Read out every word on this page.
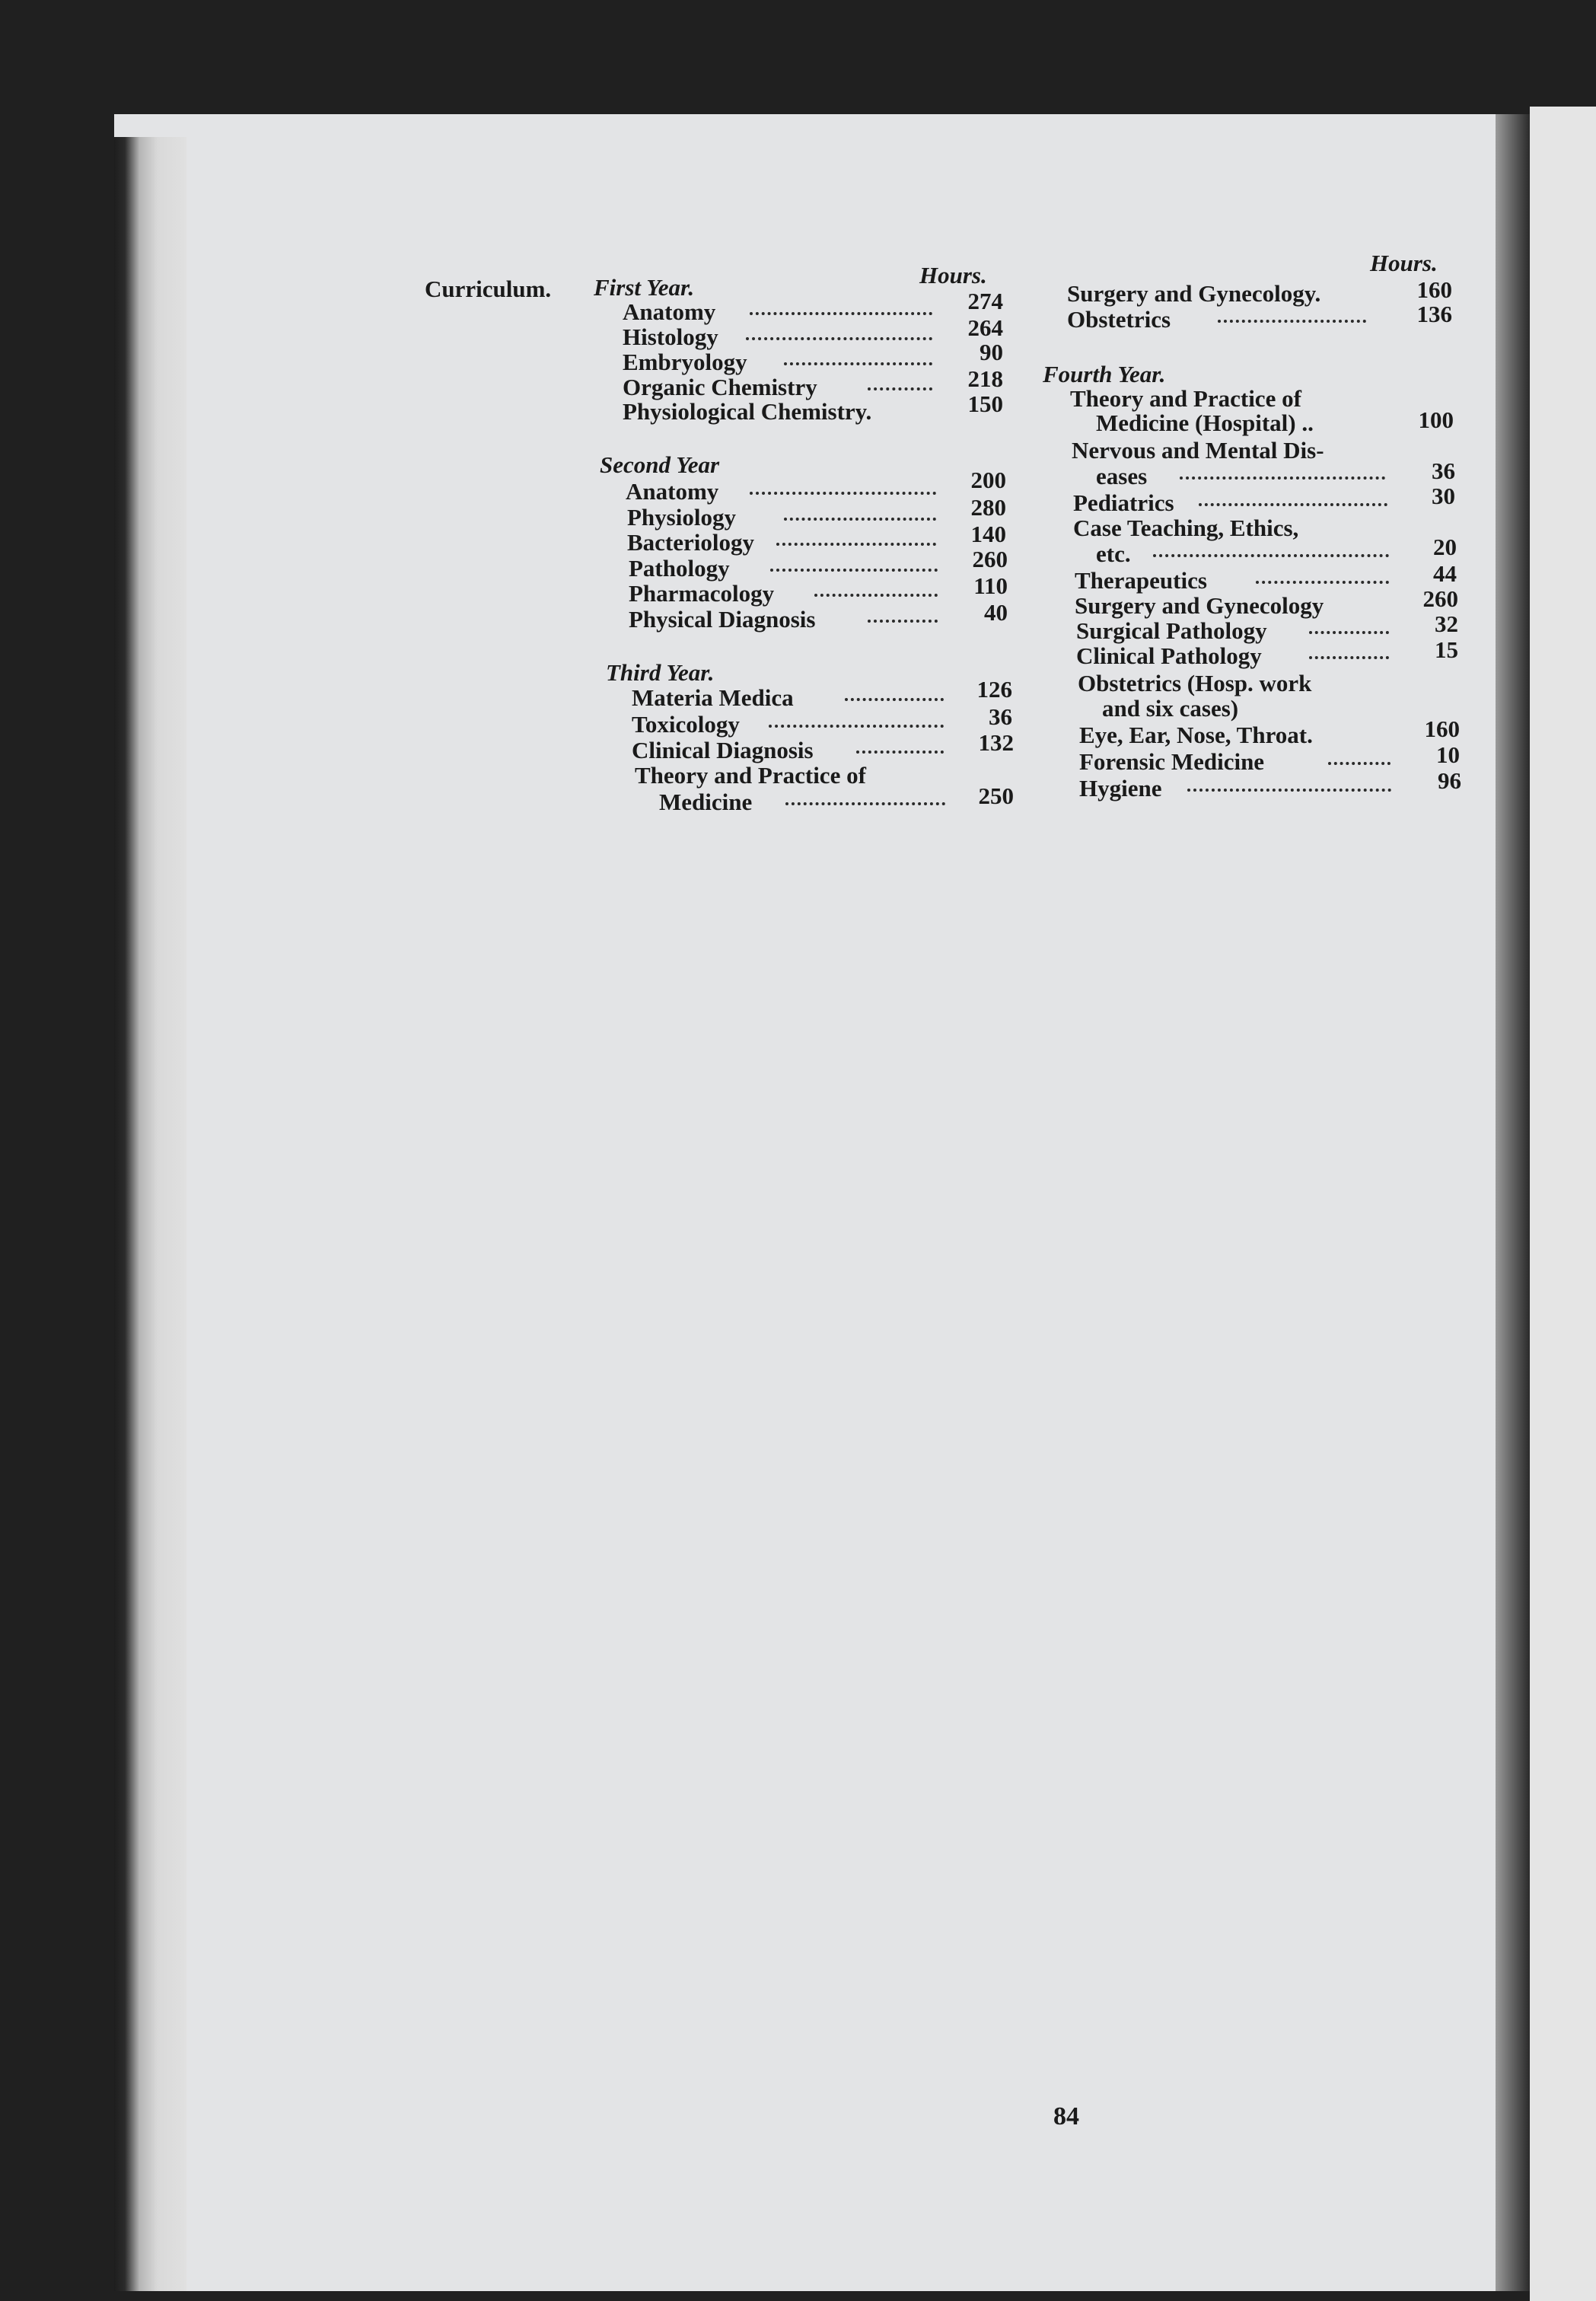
Curriculum.
Hours.
First Year.
Anatomy	274
Histology	264
Embryology	90
Organic Chemistry	218
Physiological Chemistry.	150
Second Year
Anatomy	200
Physiology	280
Bacteriology	140
Pathology	260
Pharmacology	110
Physical Diagnosis	40
Third Year.
Materia Medica	126
Toxicology	36
Clinical Diagnosis	132
Theory and Practice of
Medicine	250
Hours.
Surgery and Gynecology.	160
Obstetrics	136
Fourth Year.
Theory and Practice of
Medicine (Hospital) ..	100
Nervous and Mental Dis-
eases	36
Pediatrics	30
Case Teaching, Ethics,
etc.	20
Therapeutics	44
Surgery and Gynecology	260
Surgical Pathology	32
Clinical Pathology	15
Obstetrics (Hosp. work
and six cases)
Eye, Ear, Nose, Throat.	160
Forensic Medicine	10
Hygiene	96
84
